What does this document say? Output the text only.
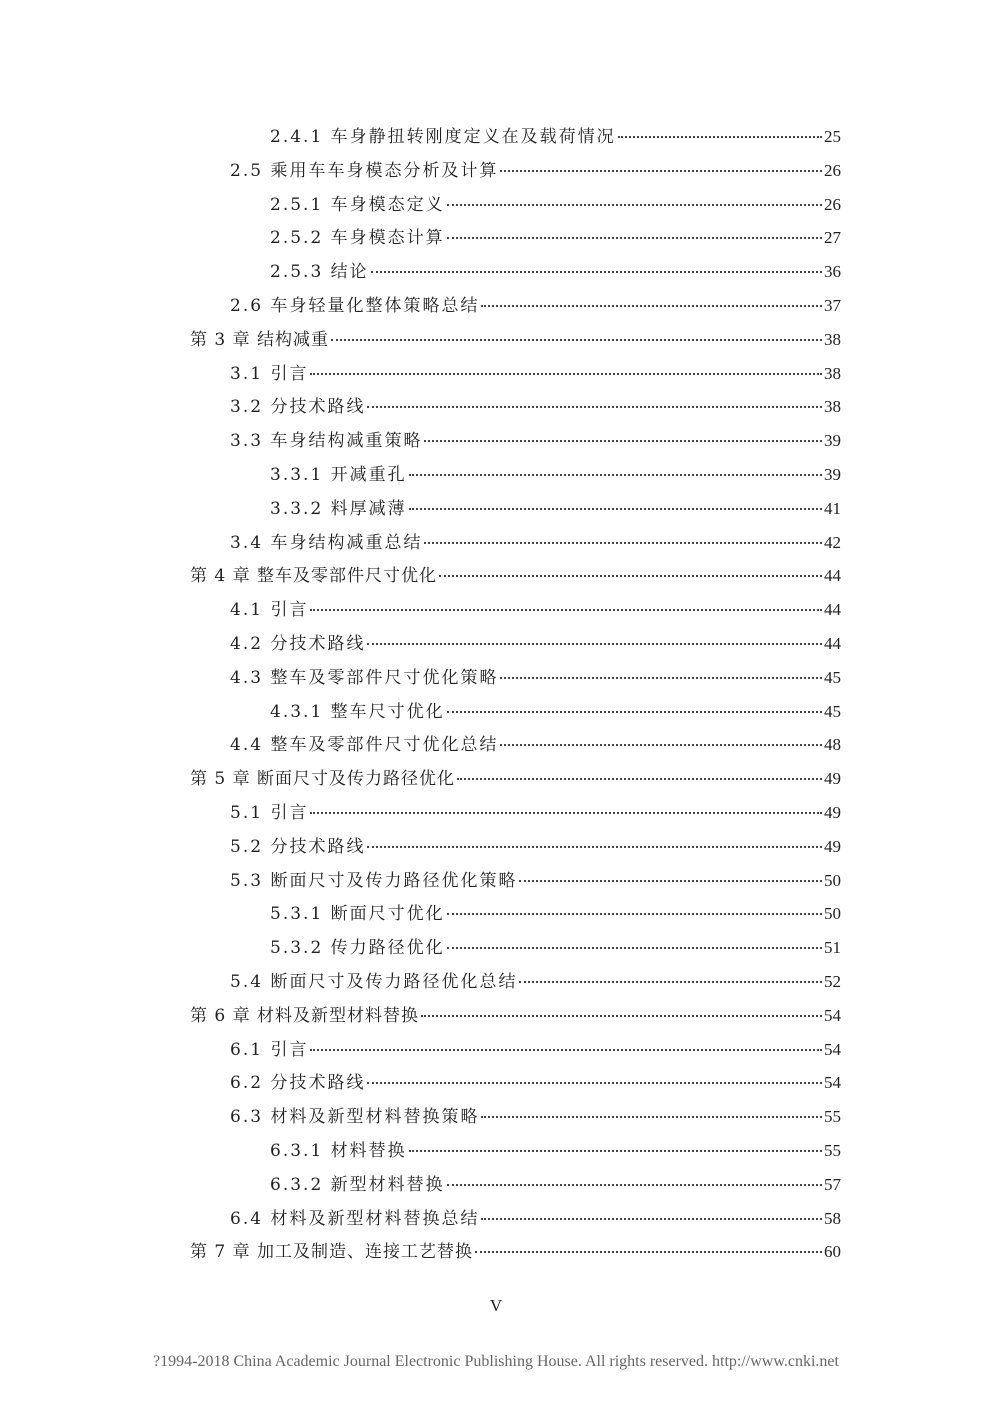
2.4.1 车身静扭转刚度定义在及载荷情况	25
2.5 乘用车车身模态分析及计算	26
2.5.1 车身模态定义	26
2.5.2 车身模态计算	27
2.5.3 结论	36
2.6 车身轻量化整体策略总结	37
第 3 章 结构减重	38
3.1 引言	38
3.2 分技术路线	38
3.3 车身结构减重策略	39
3.3.1 开减重孔	39
3.3.2 料厚减薄	41
3.4 车身结构减重总结	42
第 4 章 整车及零部件尺寸优化	44
4.1 引言	44
4.2 分技术路线	44
4.3 整车及零部件尺寸优化策略	45
4.3.1 整车尺寸优化	45
4.4 整车及零部件尺寸优化总结	48
第 5 章 断面尺寸及传力路径优化	49
5.1 引言	49
5.2 分技术路线	49
5.3 断面尺寸及传力路径优化策略	50
5.3.1 断面尺寸优化	50
5.3.2 传力路径优化	51
5.4 断面尺寸及传力路径优化总结	52
第 6 章 材料及新型材料替换	54
6.1 引言	54
6.2 分技术路线	54
6.3 材料及新型材料替换策略	55
6.3.1 材料替换	55
6.3.2 新型材料替换	57
6.4 材料及新型材料替换总结	58
第 7 章 加工及制造、连接工艺替换	60
V
?1994-2018 China Academic Journal Electronic Publishing House. All rights reserved. http://www.cnki.net
